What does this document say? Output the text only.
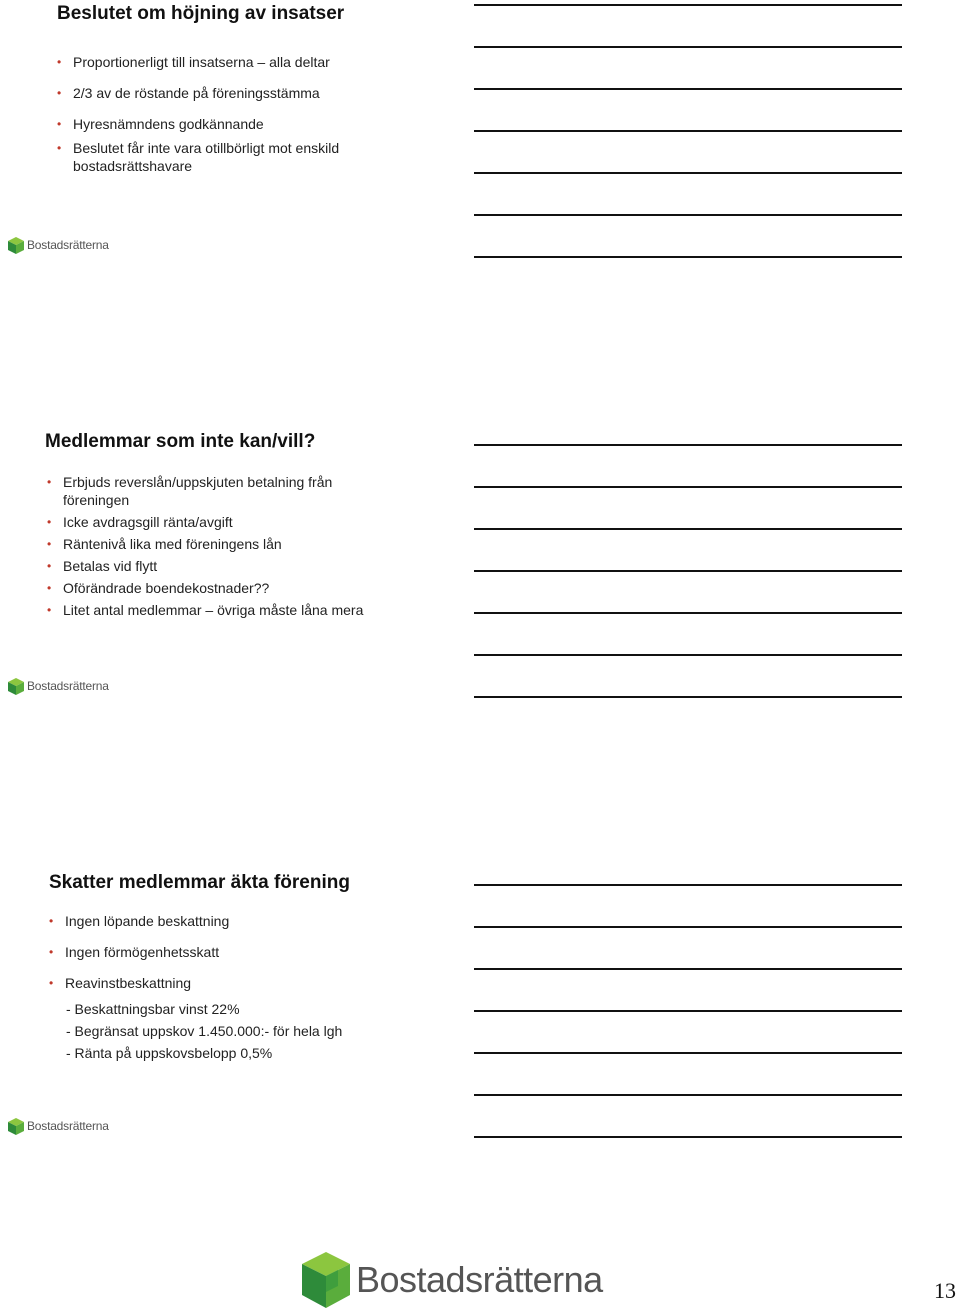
Beslutet om höjning av insatser
• Proportionerligt till insatserna – alla deltar
• 2/3 av de röstande på föreningsstämma
• Hyresnämndens godkännande
• Beslutet får inte vara otillbörligt mot enskild bostadsrättshavare
Bostadsrätterna
Medlemmar som inte kan/vill?
• Erbjuds reverslån/uppskjuten betalning från föreningen
• Icke avdragsgill ränta/avgift
• Räntenivå lika med föreningens lån
• Betalas vid flytt
• Oförändrade boendekostnader??
• Litet antal medlemmar – övriga måste låna mera
Bostadsrätterna
Skatter medlemmar äkta förening
• Ingen löpande beskattning
• Ingen förmögenhetsskatt
• Reavinstbeskattning
- Beskattningsbar vinst 22%
- Begränsat uppskov 1.450.000:- för hela lgh
- Ränta på uppskovsbelopp 0,5%
Bostadsrätterna
Bostadsrätterna	13
